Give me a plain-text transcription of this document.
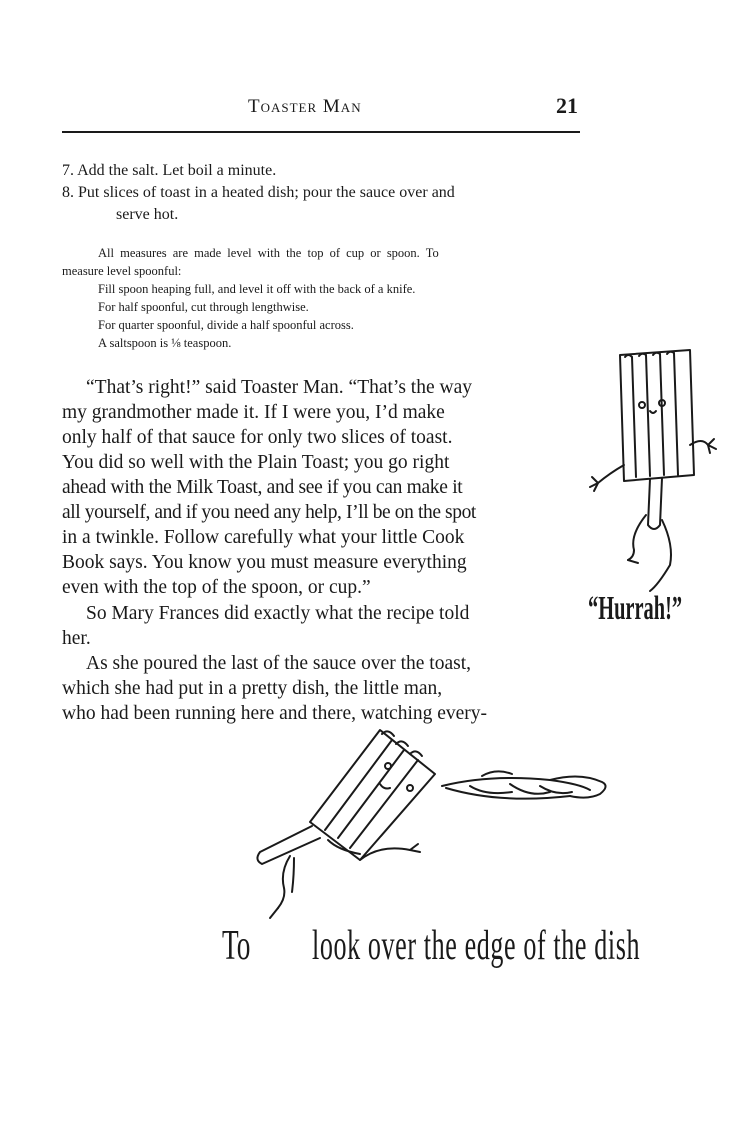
Toaster Man	21
7. Add the salt. Let boil a minute.
8. Put slices of toast in a heated dish; pour the sauce over and
serve hot.
All measures are made level with the top of cup or spoon. To
measure level spoonful:
Fill spoon heaping full, and level it off with the back of a knife.
For half spoonful, cut through lengthwise.
For quarter spoonful, divide a half spoonful across.
A saltspoon is ⅛ teaspoon.
“That’s right!” said Toaster Man. “That’s the way
my grandmother made it. If I were you, I’d make
only half of that sauce for only two slices of toast.
You did so well with the Plain Toast; you go right
ahead with the Milk Toast, and see if you can make it
all yourself, and if you need any help, I’ll be on the spot
in a twinkle. Follow carefully what your little Cook
Book says. You know you must measure everything
even with the top of the spoon, or cup.”
So Mary Frances did exactly what the recipe told
her.
As she poured the last of the sauce over the toast,
which she had put in a pretty dish, the little man,
who had been running here and there, watching every-
“Hurrah!”
To look over the edge of the dish
